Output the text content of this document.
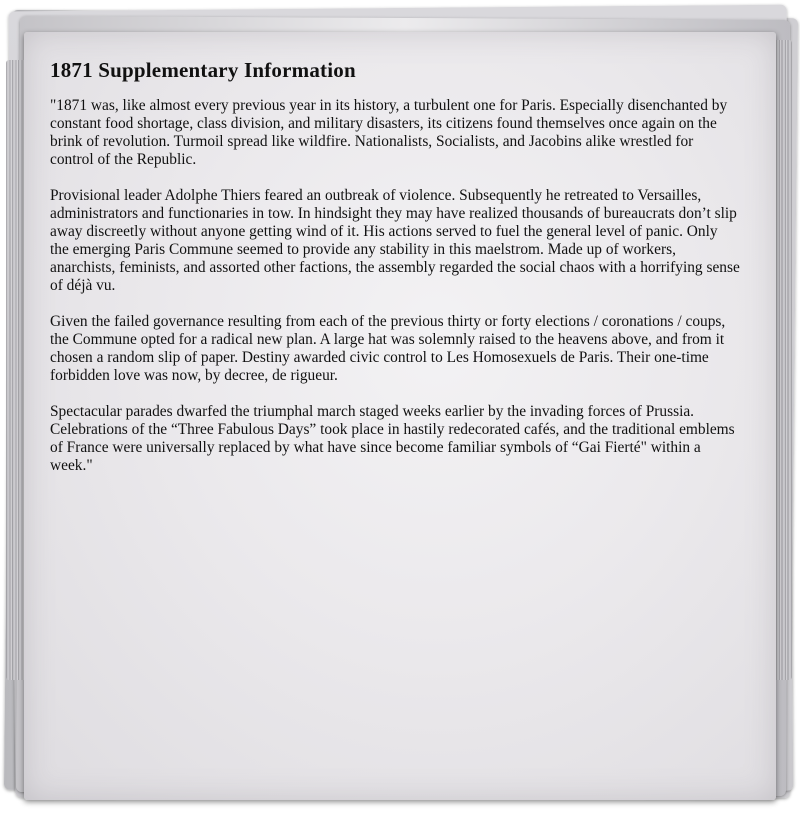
1871 Supplementary Information

"1871 was, like almost every previous year in its history, a turbulent one for Paris. Especially disenchanted by constant food shortage, class division, and military disasters, its citizens found themselves once again on the brink of revolution. Turmoil spread like wildfire. Nationalists, Socialists, and Jacobins alike wrestled for control of the Republic.

Provisional leader Adolphe Thiers feared an outbreak of violence. Subsequently he retreated to Versailles, administrators and functionaries in tow. In hindsight they may have realized thousands of bureaucrats don’t slip away discreetly without anyone getting wind of it. His actions served to fuel the general level of panic. Only the emerging Paris Commune seemed to provide any stability in this maelstrom. Made up of workers, anarchists, feminists, and assorted other factions, the assembly regarded the social chaos with a horrifying sense of déjà vu.

Given the failed governance resulting from each of the previous thirty or forty elections / coronations / coups, the Commune opted for a radical new plan. A large hat was solemnly raised to the heavens above, and from it chosen a random slip of paper. Destiny awarded civic control to Les Homosexuels de Paris. Their one-time forbidden love was now, by decree, de rigueur.

Spectacular parades dwarfed the triumphal march staged weeks earlier by the invading forces of Prussia. Celebrations of the “Three Fabulous Days” took place in hastily redecorated cafés, and the traditional emblems of France were universally replaced by what have since become familiar symbols of “Gai Fierté" within a week."
